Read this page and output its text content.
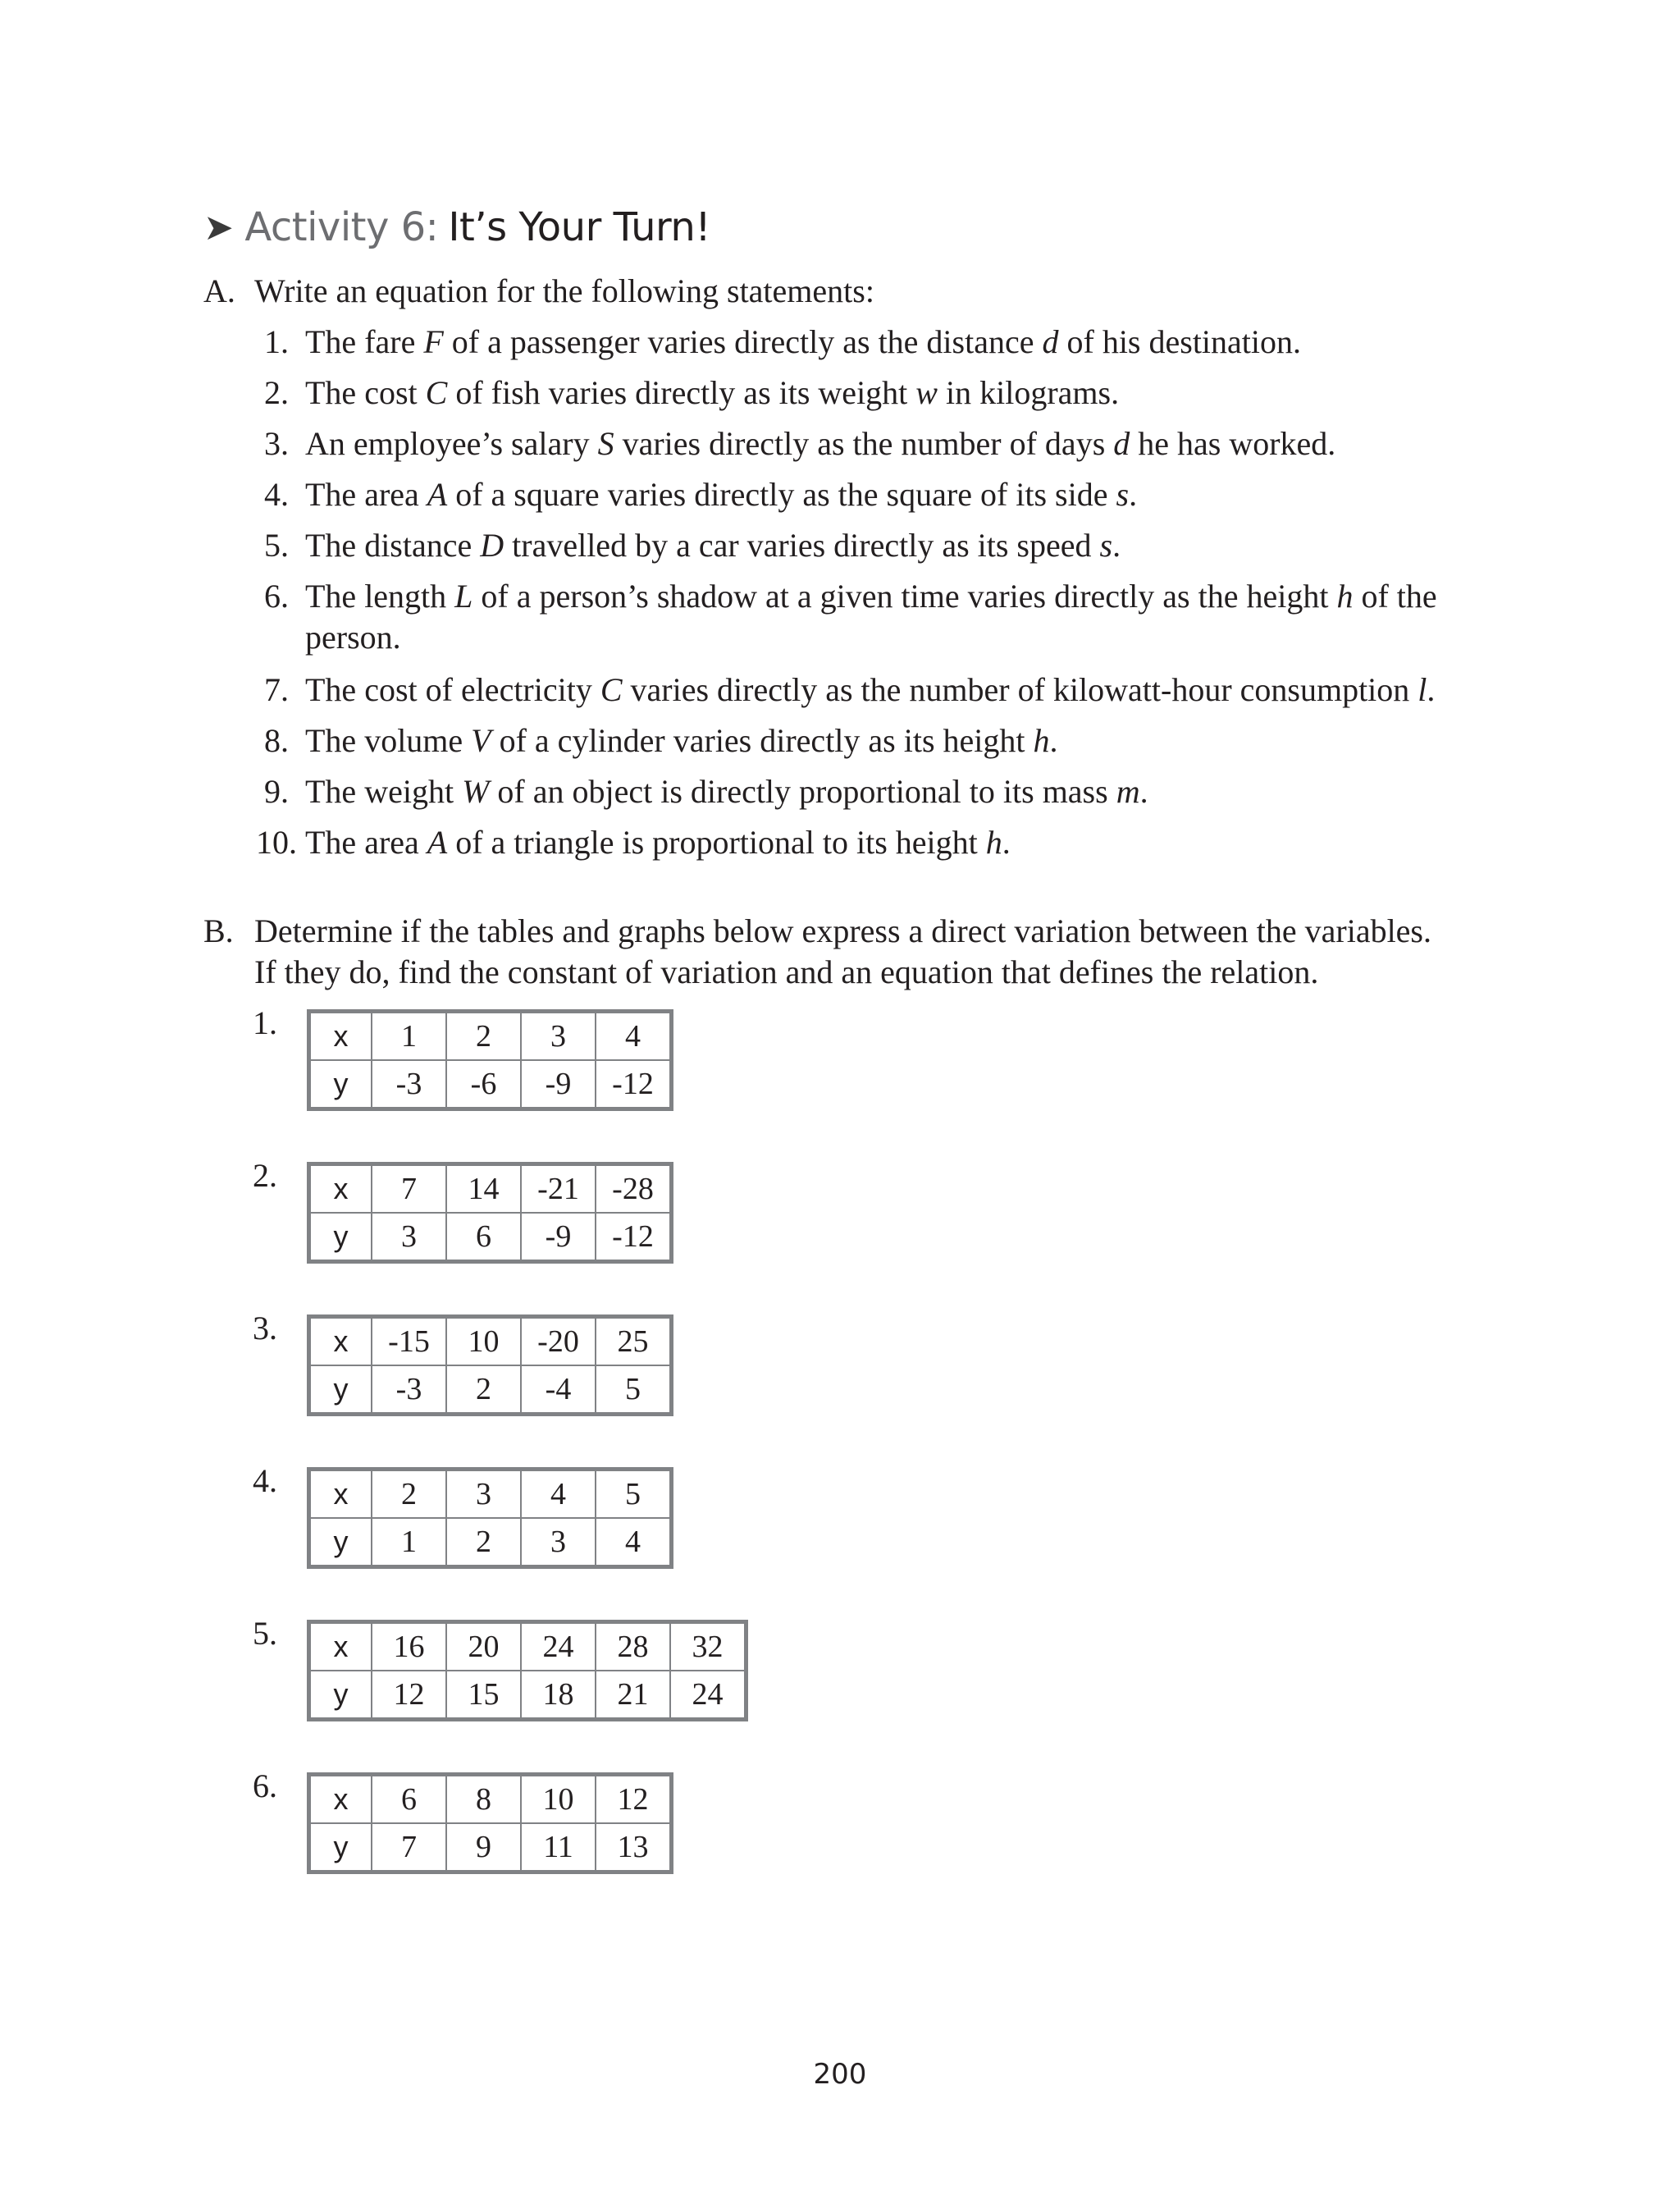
➤ Activity 6: It’s Your Turn!
A. Write an equation for the following statements:
1. The fare F of a passenger varies directly as the distance d of his destination.
2. The cost C of fish varies directly as its weight w in kilograms.
3. An employee’s salary S varies directly as the number of days d he has worked.
4. The area A of a square varies directly as the square of its side s.
5. The distance D travelled by a car varies directly as its speed s.
6. The length L of a person’s shadow at a given time varies directly as the height h of the person.
7. The cost of electricity C varies directly as the number of kilowatt-hour consumption l.
8. The volume V of a cylinder varies directly as its height h.
9. The weight W of an object is directly proportional to its mass m.
10. The area A of a triangle is proportional to its height h.
B. Determine if the tables and graphs below express a direct variation between the variables.
If they do, find the constant of variation and an equation that defines the relation.
1. x	1	2	3	4
y	-3	-6	-9	-12
2. x	7	14	-21	-28
y	3	6	-9	-12
3. x	-15	10	-20	25
y	-3	2	-4	5
4. x	2	3	4	5
y	1	2	3	4
5. x	16	20	24	28	32
y	12	15	18	21	24
6. x	6	8	10	12
y	7	9	11	13
200
